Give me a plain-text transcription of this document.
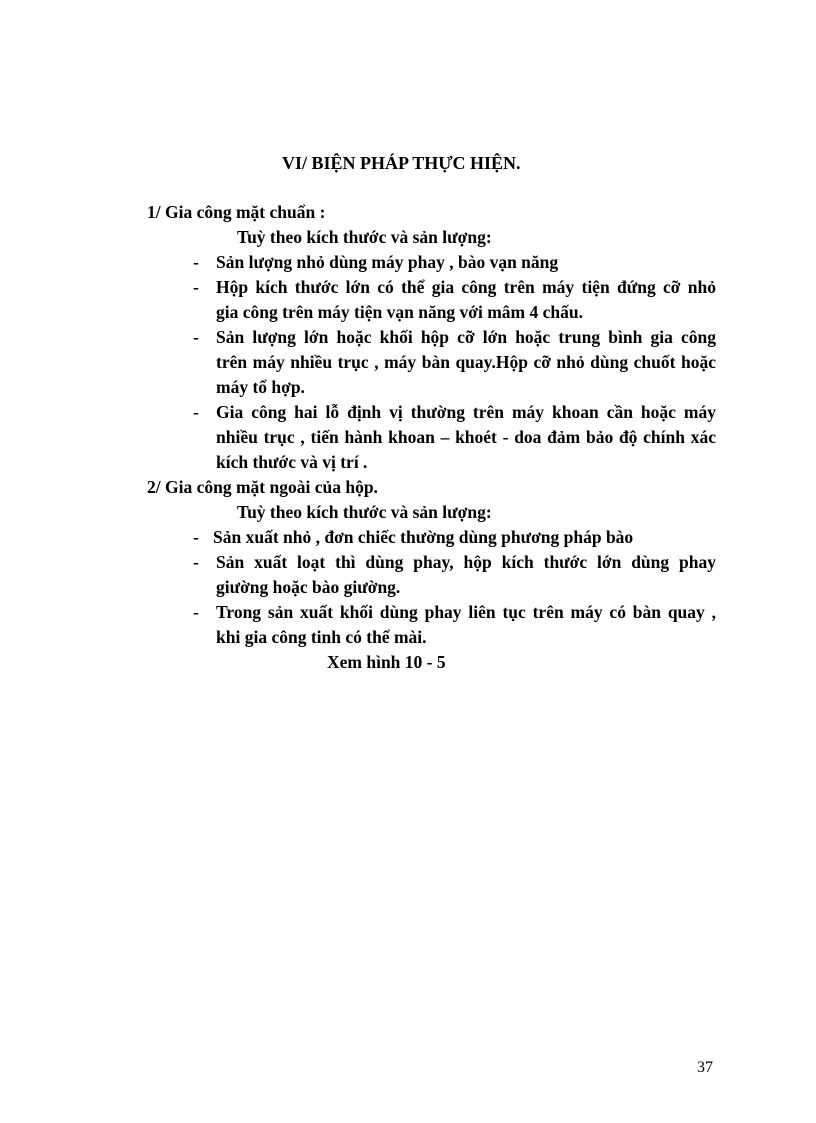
VI/ BIỆN PHÁP THỰC HIỆN.
1/ Gia công mặt chuẩn :
Tuỳ theo kích thước và sản lượng:
- Sản lượng nhỏ dùng máy phay , bào vạn năng
- Hộp kích thước lớn có thể gia công trên máy tiện đứng cỡ nhỏ
gia công trên máy tiện vạn năng với mâm 4 chấu.
- Sản lượng lớn hoặc khối hộp cỡ lớn hoặc trung bình gia công
trên máy nhiều trục , máy bàn quay.Hộp cỡ nhỏ dùng chuốt hoặc
máy tổ hợp.
- Gia công hai lỗ định vị thường trên máy khoan cần hoặc máy
nhiều trục , tiến hành khoan – khoét - doa đảm bảo độ chính xác
kích thước và vị trí .
2/ Gia công mặt ngoài của hộp.
Tuỳ theo kích thước và sản lượng:
- Sản xuất nhỏ , đơn chiếc thường dùng phương pháp bào
- Sản xuất loạt thì dùng phay, hộp kích thước lớn dùng phay
giường hoặc bào giường.
- Trong sản xuất khối dùng phay liên tục trên máy có bàn quay ,
khi gia công tinh có thể mài.
Xem hình 10 - 5
37
